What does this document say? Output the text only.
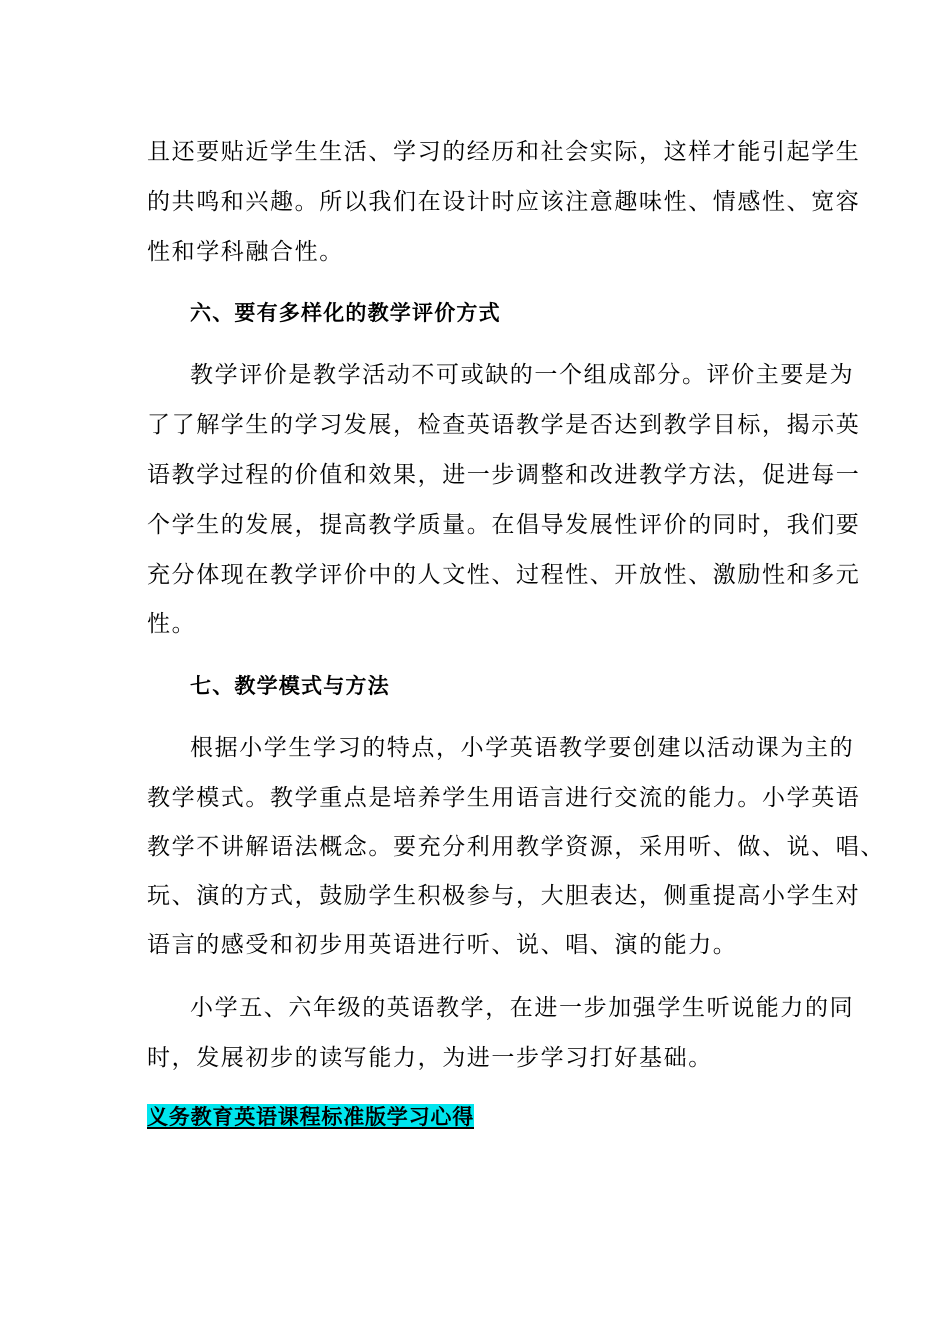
且还要贴近学生生活、学习的经历和社会实际，这样才能引起学生
的共鸣和兴趣。所以我们在设计时应该注意趣味性、情感性、宽容
性和学科融合性。
六、要有多样化的教学评价方式
教学评价是教学活动不可或缺的一个组成部分。评价主要是为
了了解学生的学习发展，检查英语教学是否达到教学目标，揭示英
语教学过程的价值和效果，进一步调整和改进教学方法，促进每一
个学生的发展，提高教学质量。在倡导发展性评价的同时，我们要
充分体现在教学评价中的人文性、过程性、开放性、激励性和多元
性。
七、教学模式与方法
根据小学生学习的特点，小学英语教学要创建以活动课为主的
教学模式。教学重点是培养学生用语言进行交流的能力。小学英语
教学不讲解语法概念。要充分利用教学资源，采用听、做、说、唱、
玩、演的方式，鼓励学生积极参与，大胆表达，侧重提高小学生对
语言的感受和初步用英语进行听、说、唱、演的能力。
小学五、六年级的英语教学，在进一步加强学生听说能力的同
时，发展初步的读写能力，为进一步学习打好基础。
义务教育英语课程标准版学习心得
